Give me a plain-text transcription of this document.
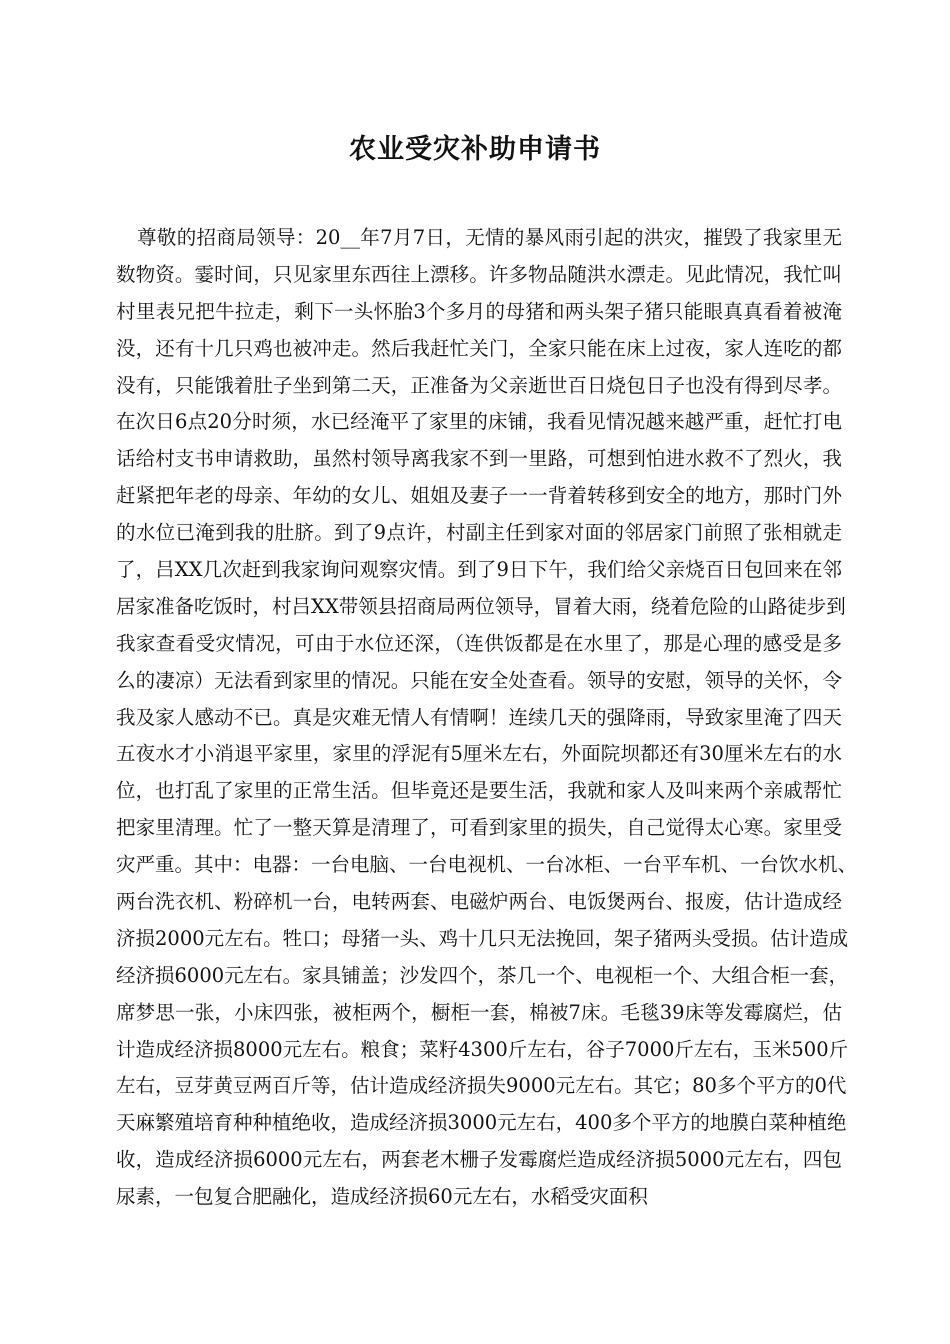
农业受灾补助申请书
尊敬的招商局领导：20__年7月7日，无情的暴风雨引起的洪灾，摧毁了我家里无
数物资。霎时间，只见家里东西往上漂移。许多物品随洪水漂走。见此情况，我忙叫
村里表兄把牛拉走，剩下一头怀胎3个多月的母猪和两头架子猪只能眼真真看着被淹
没，还有十几只鸡也被冲走。然后我赶忙关门，全家只能在床上过夜，家人连吃的都
没有，只能饿着肚子坐到第二天，正准备为父亲逝世百日烧包日子也没有得到尽孝。
在次日6点20分时须，水已经淹平了家里的床铺，我看见情况越来越严重，赶忙打电
话给村支书申请救助，虽然村领导离我家不到一里路，可想到怕进水救不了烈火，我
赶紧把年老的母亲、年幼的女儿、姐姐及妻子一一背着转移到安全的地方，那时门外
的水位已淹到我的肚脐。到了9点许，村副主任到家对面的邻居家门前照了张相就走
了，吕XX几次赶到我家询问观察灾情。到了9日下午，我们给父亲烧百日包回来在邻
居家准备吃饭时，村吕XX带领县招商局两位领导，冒着大雨，绕着危险的山路徒步到
我家查看受灾情况，可由于水位还深，（连供饭都是在水里了，那是心理的感受是多
么的凄凉）无法看到家里的情况。只能在安全处查看。领导的安慰，领导的关怀，令
我及家人感动不已。真是灾难无情人有情啊！连续几天的强降雨，导致家里淹了四天
五夜水才小消退平家里，家里的浮泥有5厘米左右，外面院坝都还有30厘米左右的水
位，也打乱了家里的正常生活。但毕竟还是要生活，我就和家人及叫来两个亲戚帮忙
把家里清理。忙了一整天算是清理了，可看到家里的损失，自己觉得太心寒。家里受
灾严重。其中：电器：一台电脑、一台电视机、一台冰柜、一台平车机、一台饮水机、
两台洗衣机、粉碎机一台，电转两套、电磁炉两台、电饭煲两台、报废，估计造成经
济损2000元左右。牲口；母猪一头、鸡十几只无法挽回，架子猪两头受损。估计造成
经济损6000元左右。家具铺盖；沙发四个，茶几一个、电视柜一个、大组合柜一套，
席梦思一张，小床四张，被柜两个，橱柜一套，棉被7床。毛毯39床等发霉腐烂，估
计造成经济损8000元左右。粮食；菜籽4300斤左右，谷子7000斤左右，玉米500斤
左右，豆芽黄豆两百斤等，估计造成经济损失9000元左右。其它；80多个平方的0代
天麻繁殖培育种种植绝收，造成经济损3000元左右，400多个平方的地膜白菜种植绝
收，造成经济损6000元左右，两套老木栅子发霉腐烂造成经济损5000元左右，四包
尿素，一包复合肥融化，造成经济损60元左右，水稻受灾面积
